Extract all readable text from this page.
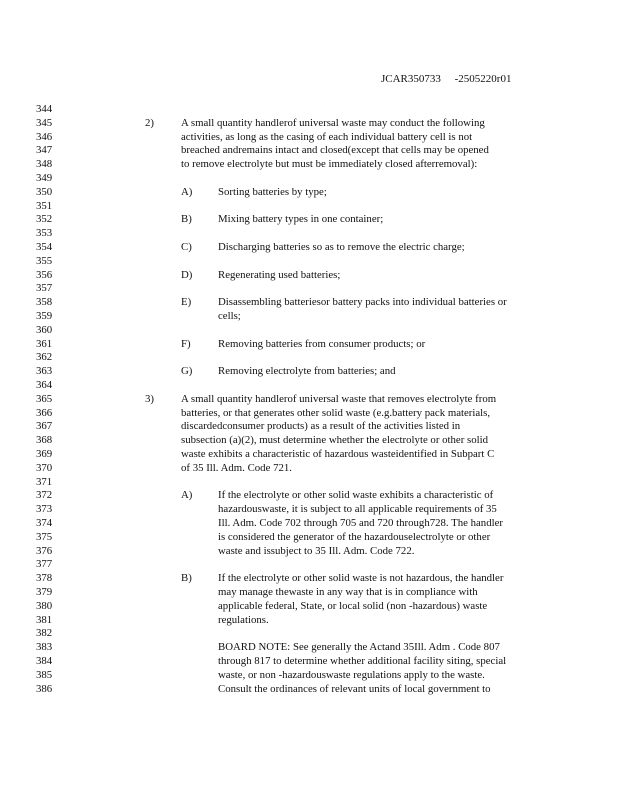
JCAR350733     -2505220r01
344
345	2)	A small quantity handlerof universal waste may conduct the following
346	activities, as long as the casing of each individual battery cell is not
347	breached andremains intact and closed(except that cells may be opened
348	to remove electrolyte but must be immediately closed afterremoval):
349
350	A) Sorting batteries by type;
351
352	B) Mixing battery types in one container;
353
354	C) Discharging batteries so as to remove the electric charge;
355
356	D) Regenerating used batteries;
357
358	E) Disassembling batteriesor battery packs into individual batteries or
359	cells;
360
361	F)	Removing batteries from consumer products; or
362
363	G) Removing electrolyte from batteries; and
364
365	3)	A small quantity handlerof universal waste that removes electrolyte from
366	batteries, or that generates other solid waste (e.g.battery pack materials,
367	discardedconsumer products) as a result of the activities listed in
368	subsection (a)(2), must determine whether the electrolyte or other solid
369	waste exhibits a characteristic of hazardous wasteidentified in Subpart C
370	of 35 Ill. Adm. Code 721.
371
372	A) If the electrolyte or other solid waste exhibits a characteristic of
373	hazardouswaste, it is subject to all applicable requirements of 35
374	Ill. Adm. Code 702 through 705 and 720 through728. The handler
375	is considered the generator of the hazardouselectrolyte or other
376	waste and issubject to 35 Ill. Adm. Code 722.
377
378	B) If the electrolyte or other solid waste is not hazardous, the handler
379	may manage thewaste in any way that is in compliance with
380	applicable federal, State, or local solid (non -hazardous) waste
381	regulations.
382
383	BOARD NOTE: See generally the Actand 35Ill. Adm . Code 807
384	through 817 to determine whether additional facility siting, special
385	waste, or non -hazardouswaste regulations apply to the waste.
386	Consult the ordinances of relevant units of local government to
